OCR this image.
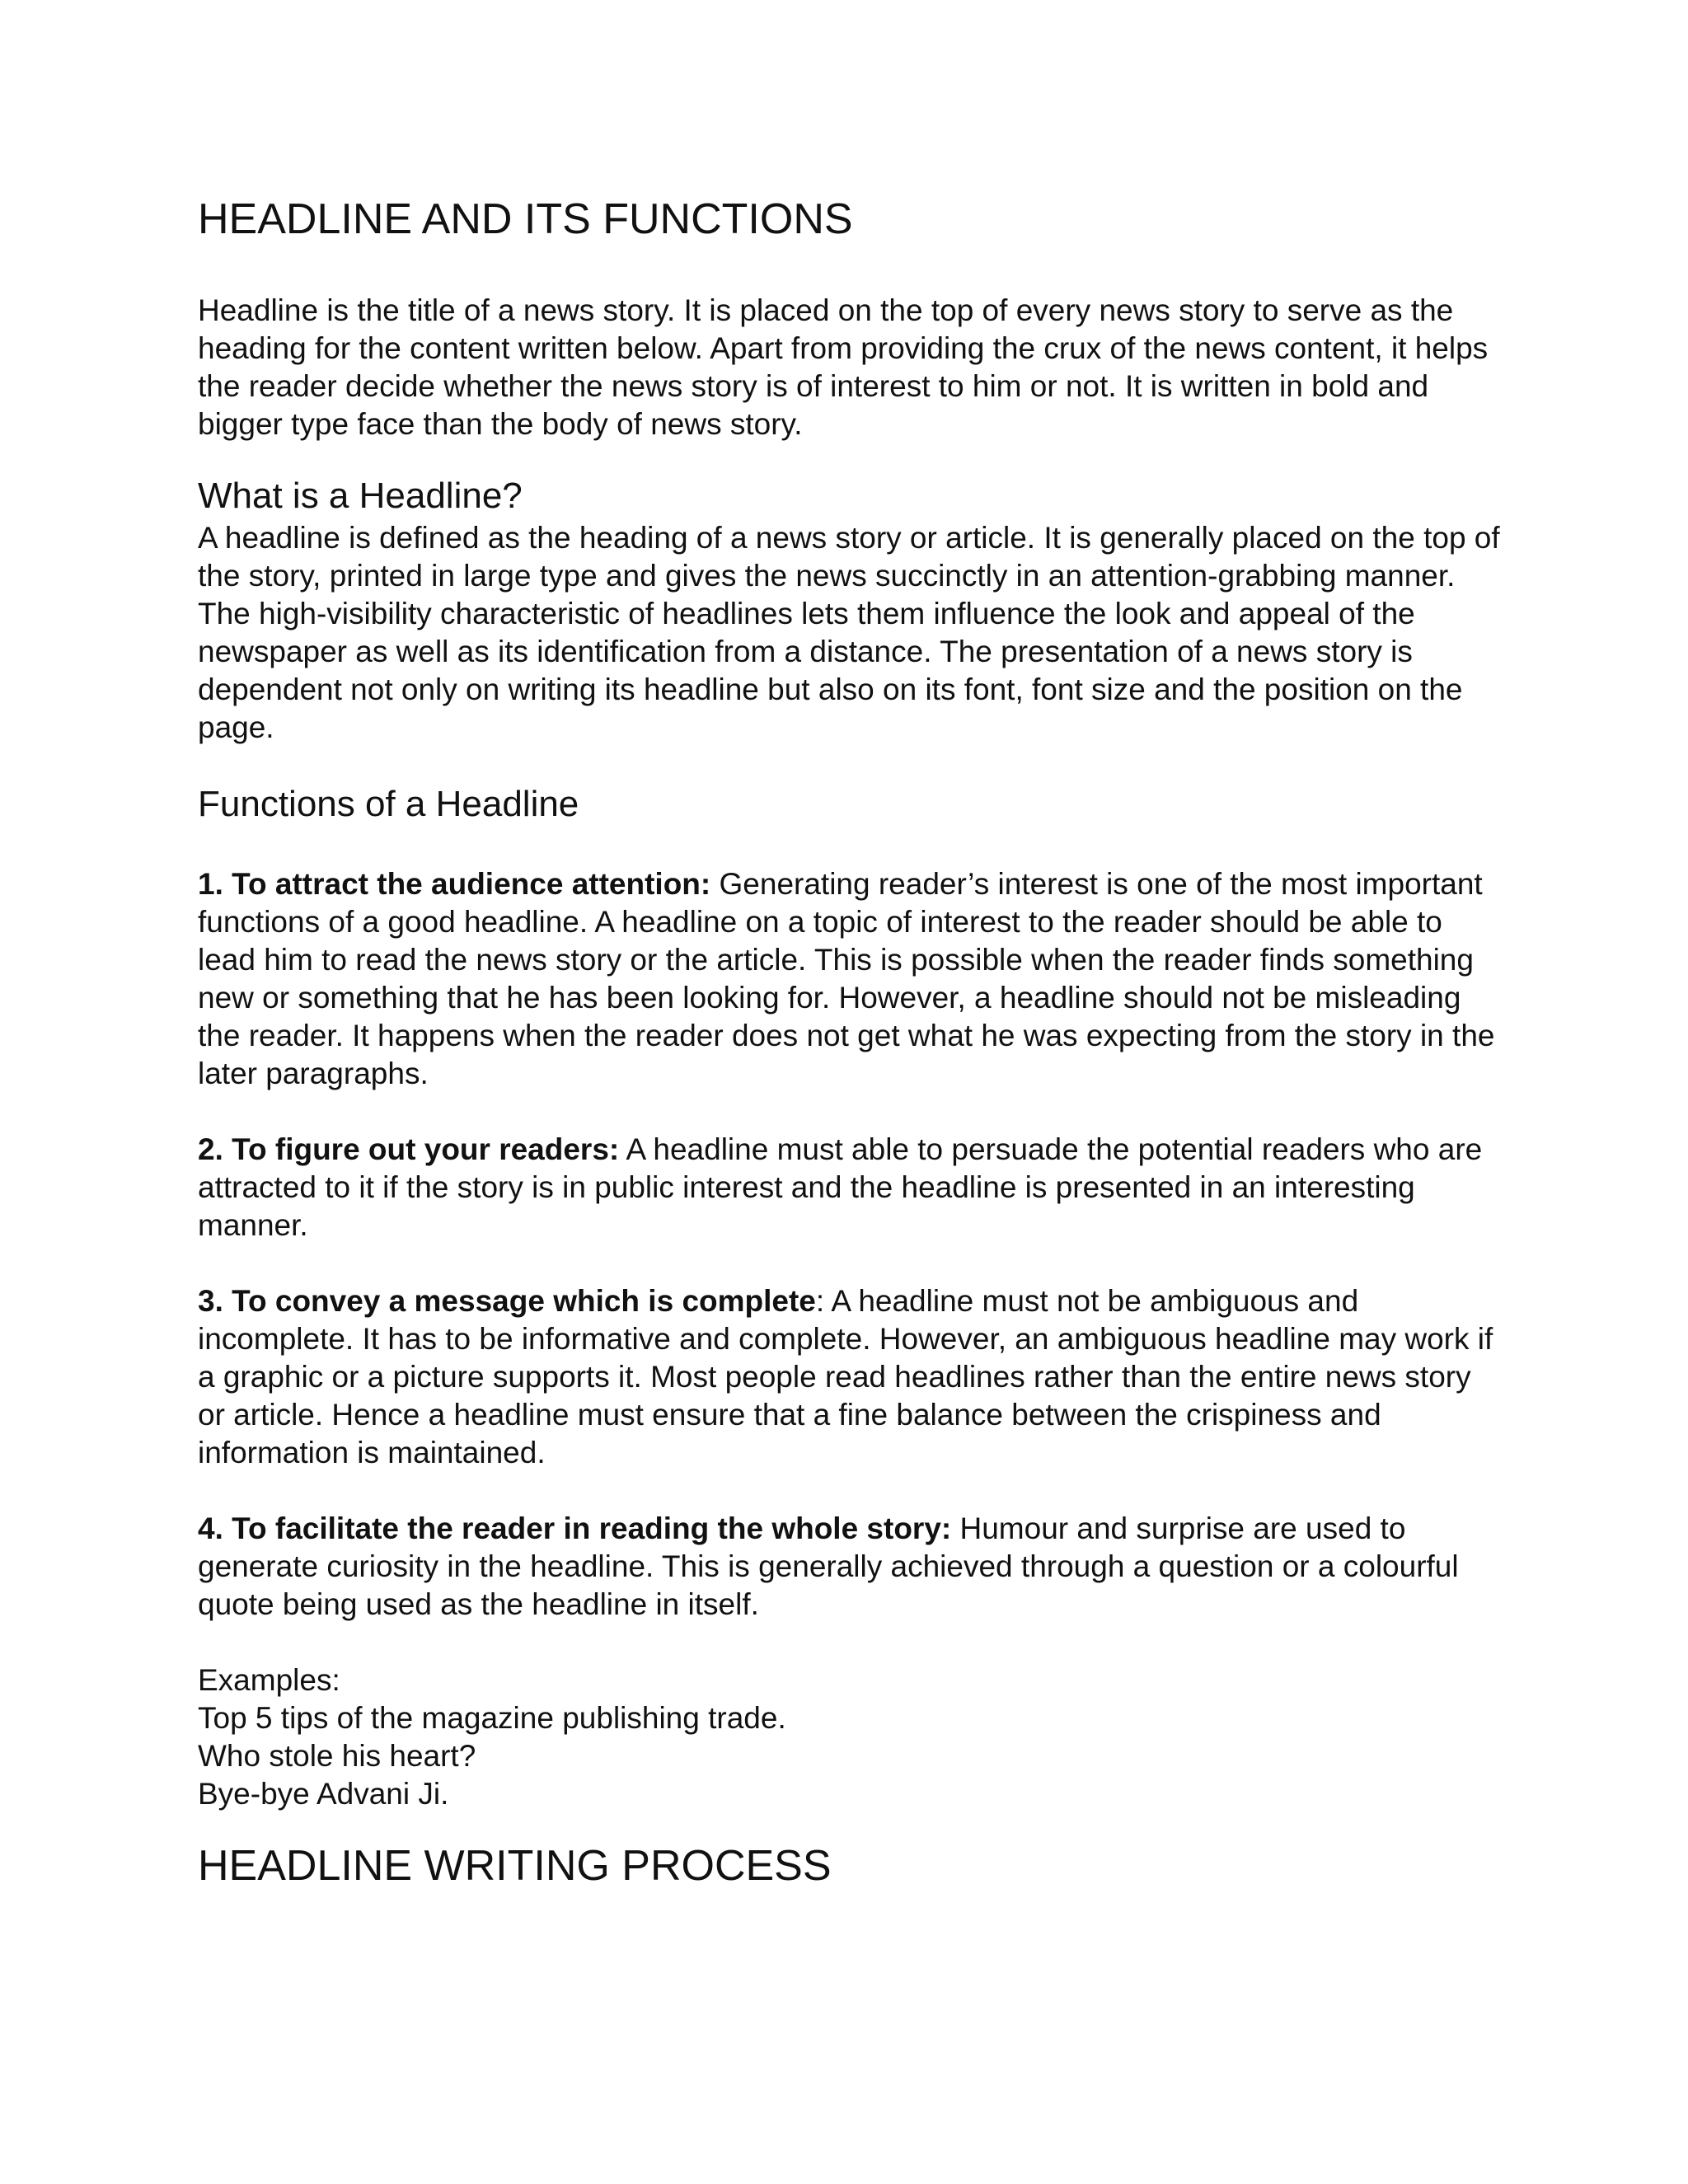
HEADLINE AND ITS FUNCTIONS

Headline is the title of a news story. It is placed on the top of every news story to serve as the heading for the content written below. Apart from providing the crux of the news content, it helps the reader decide whether the news story is of interest to him or not. It is written in bold and bigger type face than the body of news story.

What is a Headline?

A headline is defined as the heading of a news story or article. It is generally placed on the top of the story, printed in large type and gives the news succinctly in an attention-grabbing manner. The high-visibility characteristic of headlines lets them influence the look and appeal of the newspaper as well as its identification from a distance. The presentation of a news story is dependent not only on writing its headline but also on its font, font size and the position on the page.

Functions of a Headline

1. To attract the audience attention: Generating reader’s interest is one of the most important functions of a good headline. A headline on a topic of interest to the reader should be able to lead him to read the news story or the article. This is possible when the reader finds something new or something that he has been looking for. However, a headline should not be misleading the reader. It happens when the reader does not get what he was expecting from the story in the later paragraphs.

2. To figure out your readers: A headline must able to persuade the potential readers who are attracted to it if the story is in public interest and the headline is presented in an interesting manner.

3. To convey a message which is complete: A headline must not be ambiguous and incomplete. It has to be informative and complete. However, an ambiguous headline may work if a graphic or a picture supports it. Most people read headlines rather than the entire news story or article. Hence a headline must ensure that a fine balance between the crispiness and information is maintained.

4. To facilitate the reader in reading the whole story: Humour and surprise are used to generate curiosity in the headline. This is generally achieved through a question or a colourful quote being used as the headline in itself.

Examples:

Top 5 tips of the magazine publishing trade.

Who stole his heart?

Bye-bye Advani Ji.

HEADLINE WRITING PROCESS
